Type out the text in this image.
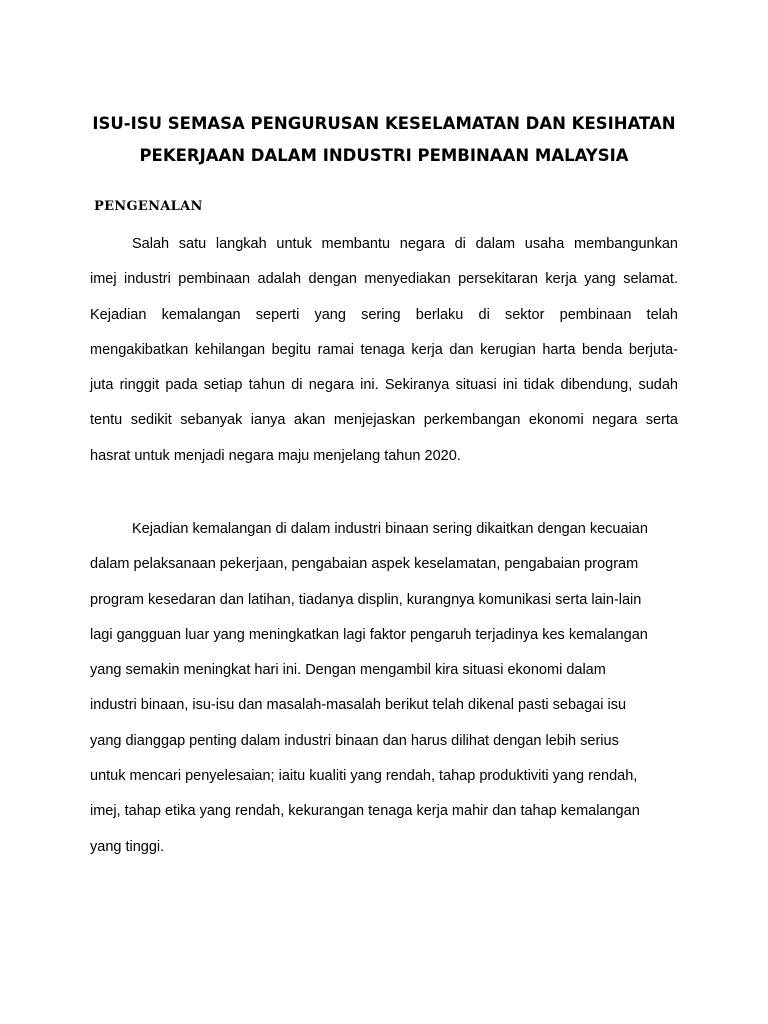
ISU-ISU SEMASA PENGURUSAN KESELAMATAN DAN KESIHATAN
PEKERJAAN DALAM INDUSTRI PEMBINAAN MALAYSIA
PENGENALAN
Salah satu langkah untuk membantu negara di dalam usaha membangunkan
imej industri pembinaan adalah dengan menyediakan persekitaran kerja yang selamat.
Kejadian kemalangan seperti yang sering berlaku di sektor pembinaan telah
mengakibatkan kehilangan begitu ramai tenaga kerja dan kerugian harta benda berjuta-
juta ringgit pada setiap tahun di negara ini. Sekiranya situasi ini tidak dibendung, sudah
tentu sedikit sebanyak ianya akan menjejaskan perkembangan ekonomi negara serta
hasrat untuk menjadi negara maju menjelang tahun 2020.
Kejadian kemalangan di dalam industri binaan sering dikaitkan dengan kecuaian
dalam pelaksanaan pekerjaan, pengabaian aspek keselamatan, pengabaian program
program kesedaran dan latihan, tiadanya displin, kurangnya komunikasi serta lain-lain
lagi gangguan luar yang meningkatkan lagi faktor pengaruh terjadinya kes kemalangan
yang semakin meningkat hari ini. Dengan mengambil kira situasi ekonomi dalam
industri binaan, isu-isu dan masalah-masalah berikut telah dikenal pasti sebagai isu
yang dianggap penting dalam industri binaan dan harus dilihat dengan lebih serius
untuk mencari penyelesaian; iaitu kualiti yang rendah, tahap produktiviti yang rendah,
imej, tahap etika yang rendah, kekurangan tenaga kerja mahir dan tahap kemalangan
yang tinggi.
